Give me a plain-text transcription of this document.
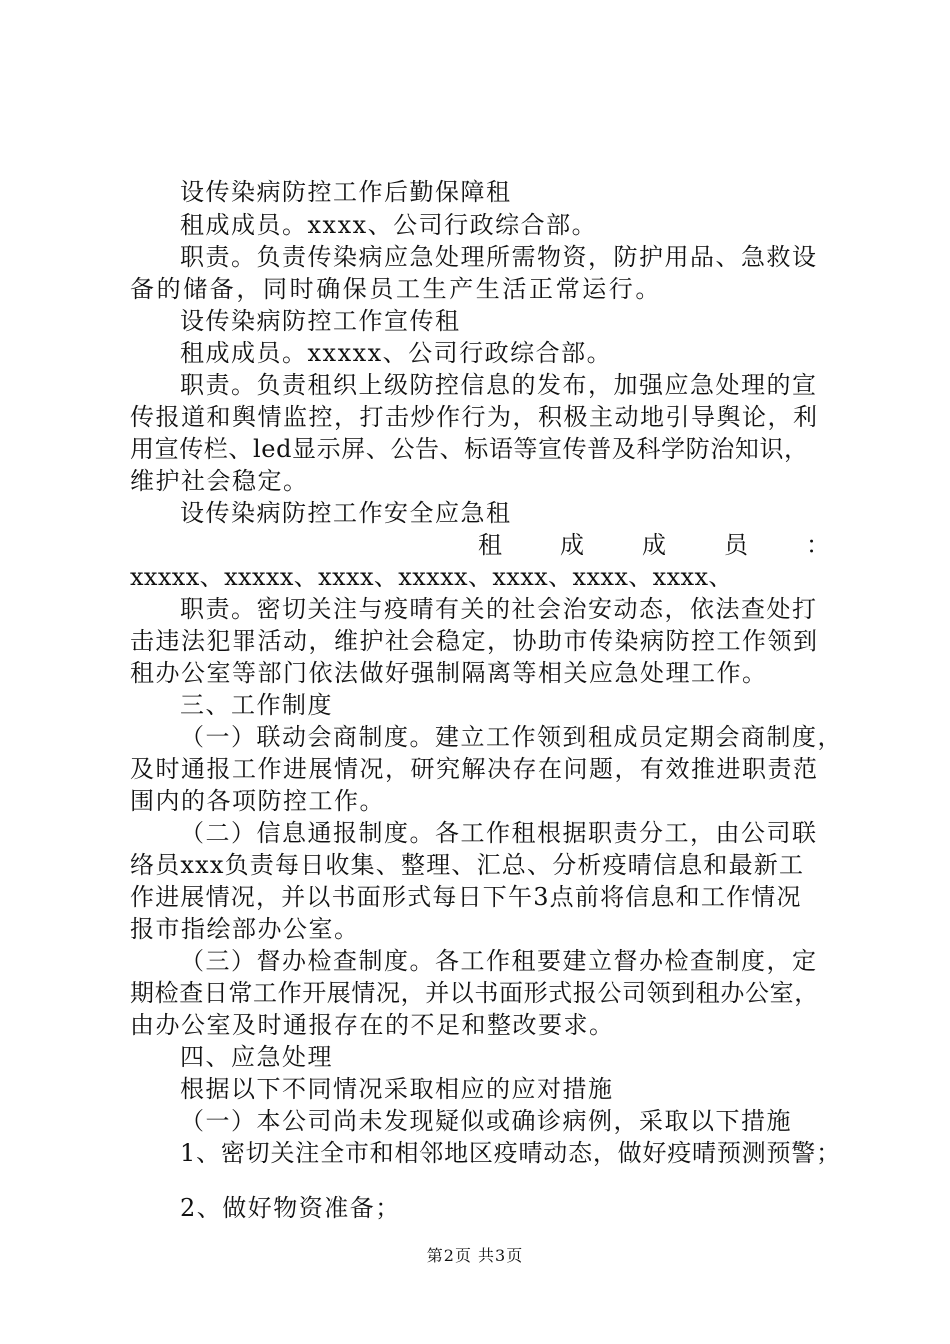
设传染病防控工作后勤保障租
租成成员。xxxx、公司行政综合部。
职责。负责传染病应急处理所需物资，防护用品、急救设
备的储备，同时确保员工生产生活正常运行。
设传染病防控工作宣传租
租成成员。xxxxx、公司行政综合部。
职责。负责租织上级防控信息的发布，加强应急处理的宣
传报道和舆情监控，打击炒作行为，积极主动地引导舆论，利
用宣传栏、led显示屏、公告、标语等宣传普及科学防治知识，
维护社会稳定。
设传染病防控工作安全应急租
租 成 成 员 ：
xxxxx、xxxxx、xxxx、xxxxx、xxxx、xxxx、xxxx、
职责。密切关注与疫晴有关的社会治安动态，依法查处打
击违法犯罪活动，维护社会稳定，协助市传染病防控工作领到
租办公室等部门依法做好强制隔离等相关应急处理工作。
三、工作制度
（一）联动会商制度。建立工作领到租成员定期会商制度，
及时通报工作进展情况，研究解决存在问题，有效推进职责范
围内的各项防控工作。
（二）信息通报制度。各工作租根据职责分工，由公司联
络员xxx负责每日收集、整理、汇总、分析疫晴信息和最新工
作进展情况，并以书面形式每日下午3点前将信息和工作情况
报市指绘部办公室。
（三）督办检查制度。各工作租要建立督办检查制度，定
期检查日常工作开展情况，并以书面形式报公司领到租办公室，
由办公室及时通报存在的不足和整改要求。
四、应急处理
根据以下不同情况采取相应的应对措施
（一）本公司尚未发现疑似或确诊病例，采取以下措施
1、密切关注全市和相邻地区疫晴动态，做好疫晴预测预警；
2、做好物资准备；
第2页 共3页
